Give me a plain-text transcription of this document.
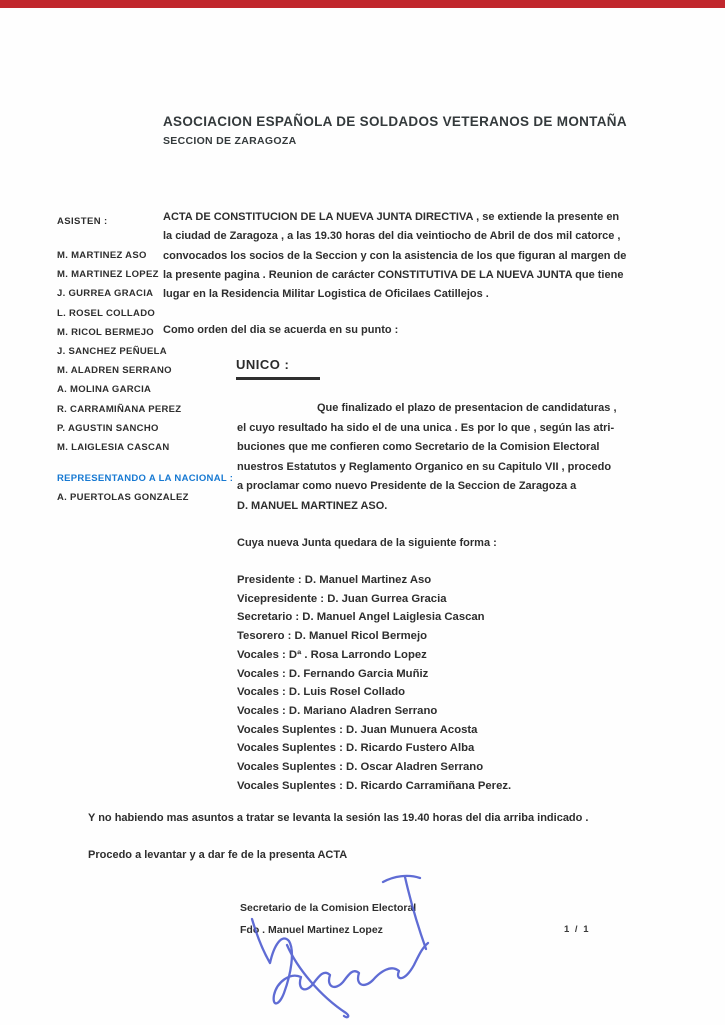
ASOCIACION ESPAÑOLA DE SOLDADOS VETERANOS DE MONTAÑA
SECCION DE ZARAGOZA
ASISTEN :
M. MARTINEZ ASO
M. MARTINEZ LOPEZ
J. GURREA GRACIA
L. ROSEL COLLADO
M. RICOL BERMEJO
J. SANCHEZ PEÑUELA
M. ALADREN SERRANO
A. MOLINA GARCIA
R. CARRAMIÑANA PEREZ
P. AGUSTIN SANCHO
M. LAIGLESIA CASCAN
REPRESENTANDO A LA NACIONAL :
A. PUERTOLAS GONZALEZ
ACTA DE CONSTITUCION DE LA NUEVA JUNTA DIRECTIVA , se extiende la presente en
la ciudad de Zaragoza , a las 19.30 horas del dia veintiocho de Abril de dos mil catorce ,
convocados los socios de la Seccion y con la asistencia de los que figuran al margen de
la presente pagina . Reunion de carácter CONSTITUTIVA DE LA NUEVA JUNTA que tiene
lugar en la Residencia Militar Logistica de Oficilaes Catillejos .
Como orden del dia se acuerda en su punto :
UNICO :
Que finalizado el plazo de presentacion de candidaturas ,
el cuyo resultado ha sido el de una unica . Es por lo que , según las atri-
buciones que me confieren como Secretario de la Comision Electoral
nuestros Estatutos y Reglamento Organico en su Capitulo VII , procedo
a proclamar como nuevo Presidente de la Seccion de Zaragoza a
D. MANUEL MARTINEZ ASO.
Cuya nueva Junta quedara de la siguiente forma :
Presidente : D. Manuel Martinez Aso
Vicepresidente : D. Juan Gurrea Gracia
Secretario : D. Manuel Angel Laiglesia Cascan
Tesorero : D. Manuel Ricol Bermejo
Vocales : Dª . Rosa Larrondo Lopez
Vocales : D. Fernando Garcia Muñiz
Vocales : D. Luis Rosel Collado
Vocales : D. Mariano Aladren Serrano
Vocales Suplentes : D. Juan Munuera Acosta
Vocales Suplentes : D. Ricardo Fustero Alba
Vocales Suplentes : D. Oscar Aladren Serrano
Vocales Suplentes : D. Ricardo Carramiñana Perez.
Y no habiendo mas asuntos a tratar se levanta la sesión las 19.40 horas del dia arriba indicado .
Procedo a levantar y a dar fe de la presenta ACTA
Secretario de la Comision Electoral
Fdo . Manuel Martinez Lopez	1 / 1
